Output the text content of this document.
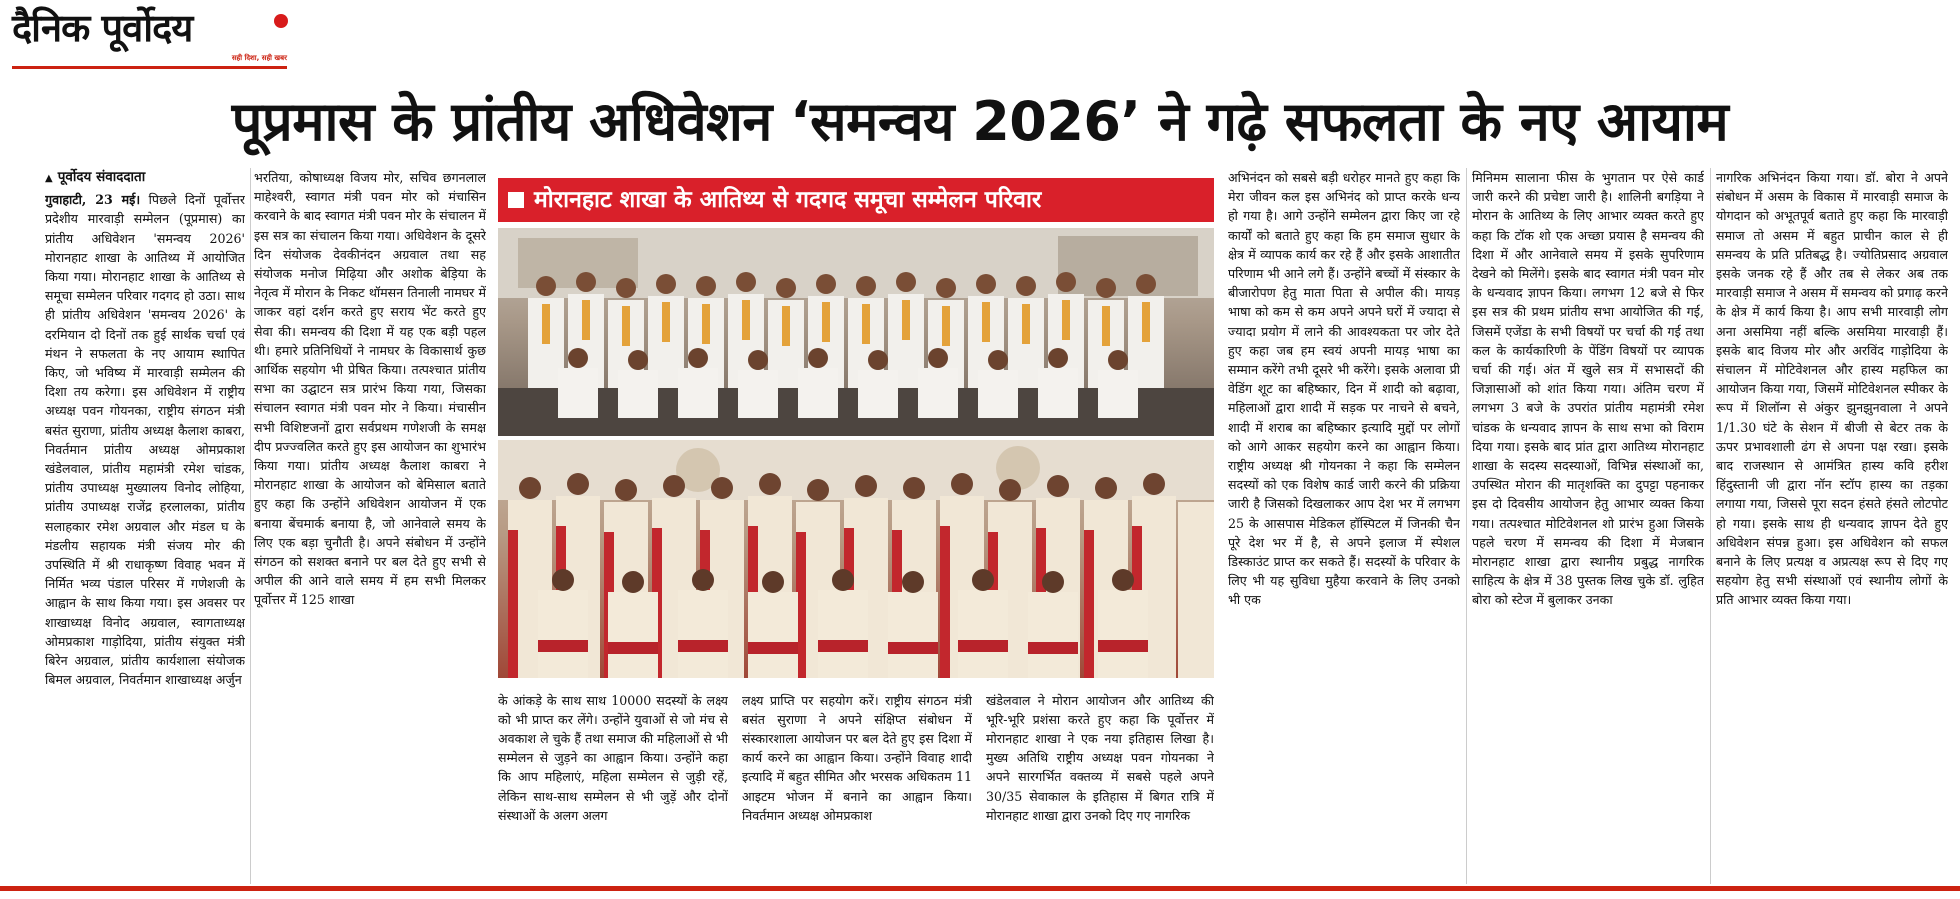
दैनिक पूर्वोदय
सही दिशा, सही खबर
पूप्रमास के प्रांतीय अधिवेशन ‘समन्वय 2026’ ने गढ़े सफलता के नए आयाम
▲ पूर्वोदय संवाददाता

गुवाहाटी, 23 मई। पिछले दिनों पूर्वोत्तर प्रदेशीय मारवाड़ी सम्मेलन (पूप्रमास) का प्रांतीय अधिवेशन 'समन्वय 2026' मोरानहाट शाखा के आतिथ्य में आयोजित किया गया। मोरानहाट शाखा के आतिथ्य से समूचा सम्मेलन परिवार गदगद हो उठा। साथ ही प्रांतीय अधिवेशन 'समन्वय 2026' के दरमियान दो दिनों तक हुई सार्थक चर्चा एवं मंथन ने सफलता के नए आयाम स्थापित किए, जो भविष्य में मारवाड़ी सम्मेलन की दिशा तय करेगा। इस अधिवेशन में राष्ट्रीय अध्यक्ष पवन गोयनका, राष्ट्रीय संगठन मंत्री बसंत सुराणा, प्रांतीय अध्यक्ष कैलाश काबरा, निवर्तमान प्रांतीय अध्यक्ष ओमप्रकाश खंडेलवाल, प्रांतीय महामंत्री रमेश चांडक, प्रांतीय उपाध्यक्ष मुख्यालय विनोद लोहिया, प्रांतीय उपाध्यक्ष राजेंद्र हरलालका, प्रांतीय सलाहकार रमेश अग्रवाल और मंडल घ के मंडलीय सहायक मंत्री संजय मोर की उपस्थिति में श्री राधाकृष्ण विवाह भवन में निर्मित भव्य पंडाल परिसर में गणेशजी के आह्वान के साथ किया गया। इस अवसर पर शाखाध्यक्ष विनोद अग्रवाल, स्वागताध्यक्ष ओमप्रकाश गाड़ोदिया, प्रांतीय संयुक्त मंत्री बिरेन अग्रवाल, प्रांतीय कार्यशाला संयोजक बिमल अग्रवाल, निवर्तमान शाखाध्यक्ष अर्जुन

भरतिया, कोषाध्यक्ष विजय मोर, सचिव छगनलाल माहेश्वरी, स्वागत मंत्री पवन मोर को मंचासिन करवाने के बाद स्वागत मंत्री पवन मोर के संचालन में इस सत्र का संचालन किया गया। अधिवेशन के दूसरे दिन संयोजक देवकीनंदन अग्रवाल तथा सह संयोजक मनोज मिढ़िया और अशोक बेड़िया के नेतृत्व में मोरान के निकट थॉमसन तिनाली नामघर में जाकर वहां दर्शन करते हुए सराय भेंट करते हुए सेवा की। समन्वय की दिशा में यह एक बड़ी पहल थी। हमारे प्रतिनिधियों ने नामघर के विकासार्थ कुछ आर्थिक सहयोग भी प्रेषित किया। तत्पश्चात प्रांतीय सभा का उद्घाटन सत्र प्रारंभ किया गया, जिसका संचालन स्वागत मंत्री पवन मोर ने किया। मंचासीन सभी विशिष्टजनों द्वारा सर्वप्रथम गणेशजी के समक्ष दीप प्रज्ज्वलित करते हुए इस आयोजन का शुभारंभ किया गया। प्रांतीय अध्यक्ष कैलाश काबरा ने मोरानहाट शाखा के आयोजन को बेमिसाल बताते हुए कहा कि उन्होंने अधिवेशन आयोजन में एक बनाया बेंचमार्क बनाया है, जो आनेवाले समय के लिए एक बड़ा चुनौती है। अपने संबोधन में उन्होंने संगठन को सशक्त बनाने पर बल देते हुए सभी से अपील की आने वाले समय में हम सभी मिलकर पूर्वोत्तर में 125 शाखा

मोरानहाट शाखा के आतिथ्य से गदगद समूचा सम्मेलन परिवार

के आंकड़े के साथ साथ 10000 सदस्यों के लक्ष्य को भी प्राप्त कर लेंगे। उन्होंने युवाओं से जो मंच से अवकाश ले चुके हैं तथा समाज की महिलाओं से भी सम्मेलन से जुड़ने का आह्वान किया। उन्होंने कहा कि आप महिलाएं, महिला सम्मेलन से जुड़ी रहें, लेकिन साथ-साथ सम्मेलन से भी जुड़ें और दोनों संस्थाओं के अलग अलग

लक्ष्य प्राप्ति पर सहयोग करें। राष्ट्रीय संगठन मंत्री बसंत सुराणा ने अपने संक्षिप्त संबोधन में संस्कारशाला आयोजन पर बल देते हुए इस दिशा में कार्य करने का आह्वान किया। उन्होंने विवाह शादी इत्यादि में बहुत सीमित और भरसक अधिकतम 11 आइटम भोजन में बनाने का आह्वान किया। निवर्तमान अध्यक्ष ओमप्रकाश

खंडेलवाल ने मोरान आयोजन और आतिथ्य की भूरि-भूरि प्रशंसा करते हुए कहा कि पूर्वोत्तर में मोरानहाट शाखा ने एक नया इतिहास लिखा है। मुख्य अतिथि राष्ट्रीय अध्यक्ष पवन गोयनका ने अपने सारगर्भित वक्तव्य में सबसे पहले अपने 30/35 सेवाकाल के इतिहास में बिगत रात्रि में मोरानहाट शाखा द्वारा उनको दिए गए नागरिक

अभिनंदन को सबसे बड़ी धरोहर मानते हुए कहा कि मेरा जीवन कल इस अभिनंद को प्राप्त करके धन्य हो गया है। आगे उन्होंने सम्मेलन द्वारा किए जा रहे कार्यों को बताते हुए कहा कि हम समाज सुधार के क्षेत्र में व्यापक कार्य कर रहे हैं और इसके आशातीत परिणाम भी आने लगे हैं। उन्होंने बच्चों में संस्कार के बीजारोपण हेतु माता पिता से अपील की। मायड़ भाषा को कम से कम अपने अपने घरों में ज्यादा से ज्यादा प्रयोग में लाने की आवश्यकता पर जोर देते हुए कहा जब हम स्वयं अपनी मायड़ भाषा का सम्मान करेंगे तभी दूसरे भी करेंगे। इसके अलावा प्री वेडिंग शूट का बहिष्कार, दिन में शादी को बढ़ावा, महिलाओं द्वारा शादी में सड़क पर नाचने से बचने, शादी में शराब का बहिष्कार इत्यादि मुद्दों पर लोगों को आगे आकर सहयोग करने का आह्वान किया। राष्ट्रीय अध्यक्ष श्री गोयनका ने कहा कि सम्मेलन सदस्यों को एक विशेष कार्ड जारी करने की प्रक्रिया जारी है जिसको दिखलाकर आप देश भर में लगभग 25 के आसपास मेडिकल हॉस्पिटल में जिनकी चैन पूरे देश भर में है, से अपने इलाज में स्पेशल डिस्काउंट प्राप्त कर सकते हैं। सदस्यों के परिवार के लिए भी यह सुविधा मुहैया करवाने के लिए उनको भी एक

मिनिमम सालाना फीस के भुगतान पर ऐसे कार्ड जारी करने की प्रचेष्टा जारी है। शालिनी बगड़िया ने मोरान के आतिथ्य के लिए आभार व्यक्त करते हुए कहा कि टॉक शो एक अच्छा प्रयास है समन्वय की दिशा में और आनेवाले समय में इसके सुपरिणाम देखने को मिलेंगे। इसके बाद स्वागत मंत्री पवन मोर के धन्यवाद ज्ञापन किया। लगभग 12 बजे से फिर इस सत्र की प्रथम प्रांतीय सभा आयोजित की गई, जिसमें एजेंडा के सभी विषयों पर चर्चा की गई तथा कल के कार्यकारिणी के पेंडिंग विषयों पर व्यापक चर्चा की गई। अंत में खुले सत्र में सभासदों की जिज्ञासाओं को शांत किया गया। अंतिम चरण में लगभग 3 बजे के उपरांत प्रांतीय महामंत्री रमेश चांडक के धन्यवाद ज्ञापन के साथ सभा को विराम दिया गया। इसके बाद प्रांत द्वारा आतिथ्य मोरानहाट शाखा के सदस्य सदस्याओं, विभिन्न संस्थाओं का, उपस्थित मोरान की मातृशक्ति का दुपट्टा पहनाकर इस दो दिवसीय आयोजन हेतु आभार व्यक्त किया गया। तत्पश्चात मोटिवेशनल शो प्रारंभ हुआ जिसके पहले चरण में समन्वय की दिशा में मेजबान मोरानहाट शाखा द्वारा स्थानीय प्रबुद्ध नागरिक साहित्य के क्षेत्र में 38 पुस्तक लिख चुके डॉ. लुहित बोरा को स्टेज में बुलाकर उनका

नागरिक अभिनंदन किया गया। डॉ. बोरा ने अपने संबोधन में असम के विकास में मारवाड़ी समाज के योगदान को अभूतपूर्व बताते हुए कहा कि मारवाड़ी समाज तो असम में बहुत प्राचीन काल से ही समन्वय के प्रति प्रतिबद्ध है। ज्योतिप्रसाद अग्रवाल इसके जनक रहे हैं और तब से लेकर अब तक मारवाड़ी समाज ने असम में समन्वय को प्रगाढ़ करने के क्षेत्र में कार्य किया है। आप सभी मारवाड़ी लोग अना असमिया नहीं बल्कि असमिया मारवाड़ी हैं। इसके बाद विजय मोर और अरविंद गाड़ोदिया के संचालन में मोटिवेशनल और हास्य महफिल का आयोजन किया गया, जिसमें मोटिवेशनल स्पीकर के रूप में शिलॉन्ग से अंकुर झुनझुनवाला ने अपने 1/1.30 घंटे के सेशन में बीजी से बेटर तक के ऊपर प्रभावशाली ढंग से अपना पक्ष रखा। इसके बाद राजस्थान से आमंत्रित हास्य कवि हरीश हिंदुस्तानी जी द्वारा नॉन स्टॉप हास्य का तड़का लगाया गया, जिससे पूरा सदन हंसते हंसते लोटपोट हो गया। इसके साथ ही धन्यवाद ज्ञापन देते हुए अधिवेशन संपन्न हुआ। इस अधिवेशन को सफल बनाने के लिए प्रत्यक्ष व अप्रत्यक्ष रूप से दिए गए सहयोग हेतु सभी संस्थाओं एवं स्थानीय लोगों के प्रति आभार व्यक्त किया गया।
